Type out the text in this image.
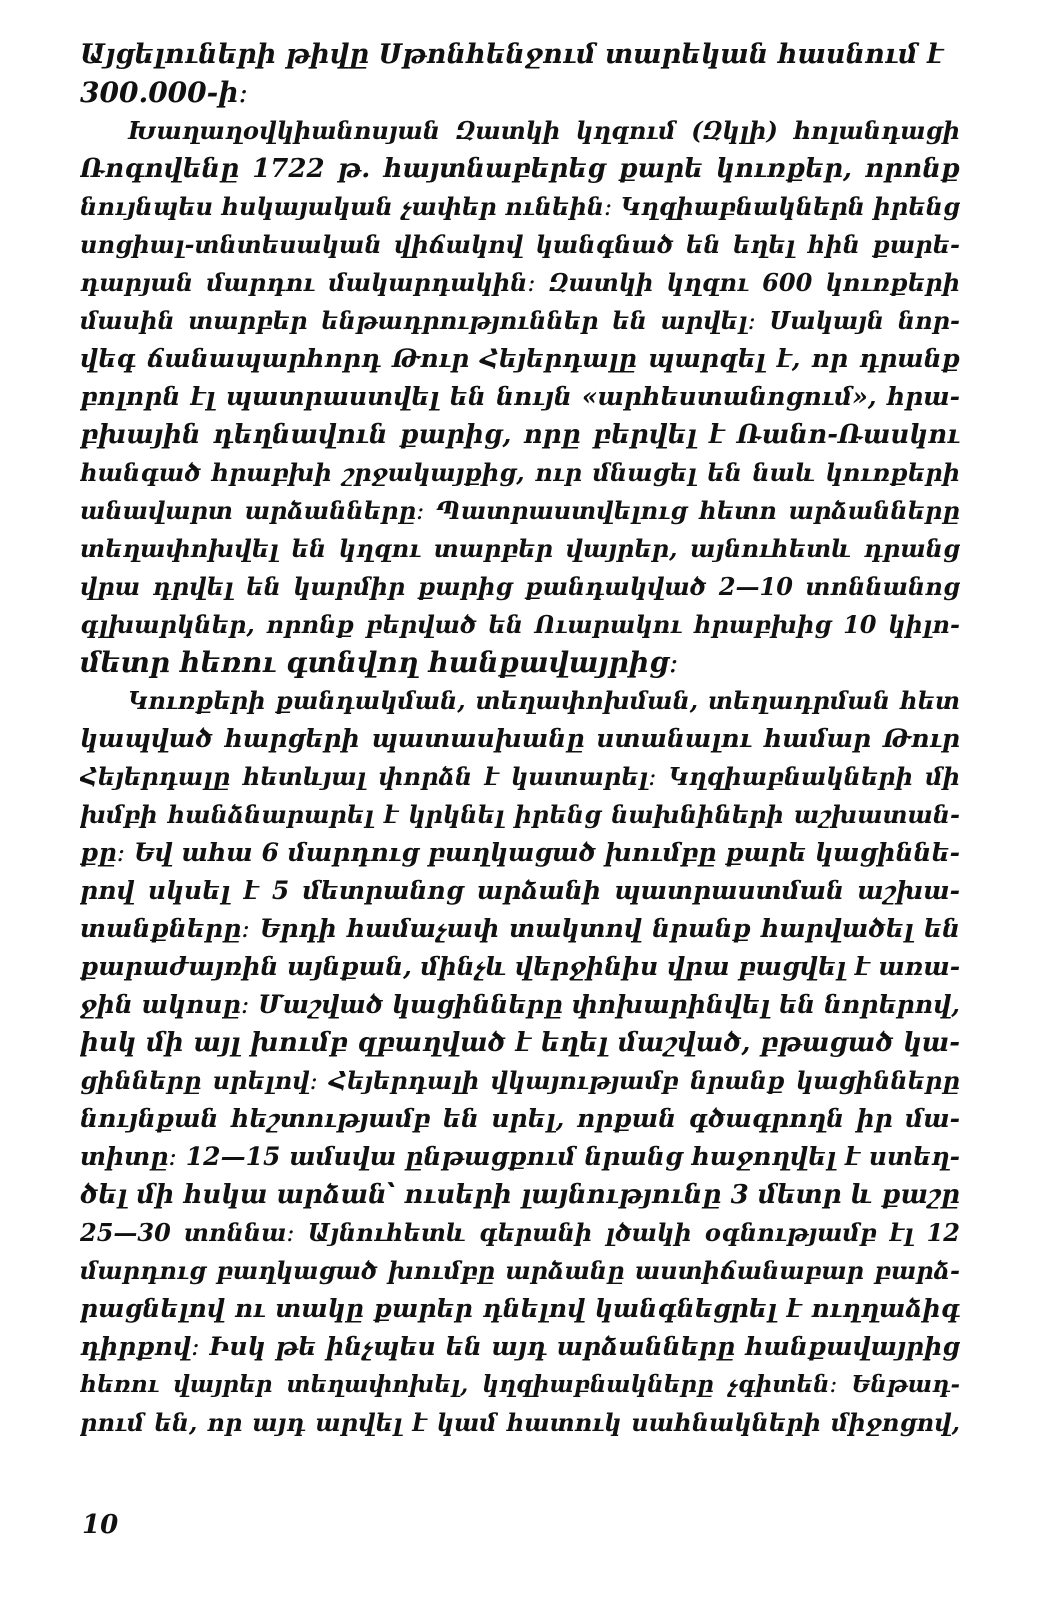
Այցելուների թիվը Սթոնհենջում տարեկան հասնում է
300.000-ի։
Խաղաղօվկիանոսյան Զատկի կղզում (Զկլի) հոլանդացի
Ռոգովենը 1722 թ. հայտնաբերեց քարե կուռքեր, որոնք
նույնպես հսկայական չափեր ունեին։ Կղզիաբնակներն իրենց
սոցիալ-տնտեսական վիճակով կանգնած են եղել հին քարե-
դարյան մարդու մակարդակին։ Զատկի կղզու 600 կուռքերի
մասին տարբեր ենթադրություններ են արվել։ Սակայն նոր-
վեգ ճանապարհորդ Թուր Հեյերդալը պարզել է, որ դրանք
բոլորն էլ պատրաստվել են նույն «արհեստանոցում», հրա-
բխային դեղնավուն քարից, որը բերվել է Ռանո-Ռասկու
հանգած հրաբխի շրջակայքից, ուր մնացել են նաև կուռքերի
անավարտ արձանները։ Պատրաստվելուց հետո արձանները
տեղափոխվել են կղզու տարբեր վայրեր, այնուհետև դրանց
վրա դրվել են կարմիր քարից քանդակված 2—10 տոննանոց
գլխարկներ, որոնք բերված են Ուարակու հրաբխից 10 կիլո-
մետր հեռու գտնվող հանքավայրից։
Կուռքերի քանդակման, տեղափոխման, տեղադրման հետ
կապված հարցերի պատասխանը ստանալու համար Թուր
Հեյերդալը հետևյալ փորձն է կատարել։ Կղզիաբնակների մի
խմբի հանձնարարել է կրկնել իրենց նախնիների աշխատան-
քը։ Եվ ահա 6 մարդուց բաղկացած խումբը քարե կացիննե-
րով սկսել է 5 մետրանոց արձանի պատրաստման աշխա-
տանքները։ Երդի համաչափ տակտով նրանք հարվածել են
քարաժայռին այնքան, մինչև վերջինիս վրա բացվել է առա-
ջին ակոսը։ Մաշված կացինները փոխարինվել են նորերով,
իսկ մի այլ խումբ զբաղված է եղել մաշված, բթացած կա-
ցինները սրելով։ Հեյերդալի վկայությամբ նրանք կացինները
նույնքան հեշտությամբ են սրել, որքան գծագրողն իր մա-
տիտը։ 12—15 ամսվա ընթացքում նրանց հաջողվել է ստեղ-
ծել մի հսկա արձան՝ ուսերի լայնությունը 3 մետր և քաշը
25—30 տոննա։ Այնուհետև գերանի լծակի օգնությամբ էլ 12
մարդուց բաղկացած խումբը արձանը աստիճանաբար բարձ-
րացնելով ու տակը քարեր դնելով կանգնեցրել է ուղղաձիգ
դիրքով։ Իսկ թե ինչպես են այդ արձանները հանքավայրից
հեռու վայրեր տեղափոխել, կղզիաբնակները չգիտեն։ Ենթադ-
րում են, որ այդ արվել է կամ հատուկ սահնակների միջոցով,
10
